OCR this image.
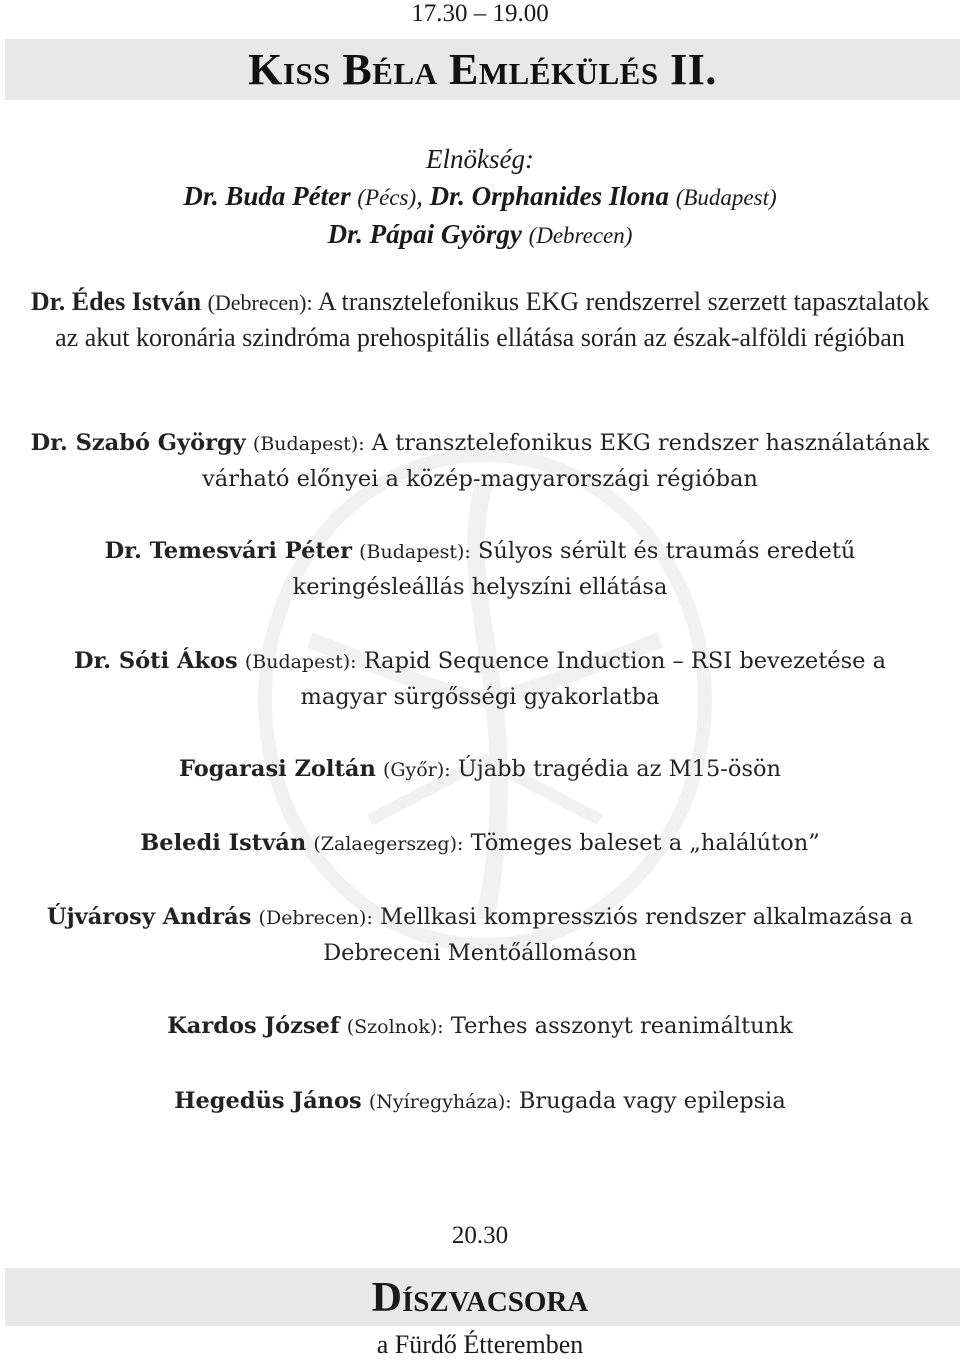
17.30 – 19.00
Kiss Béla Emlékülés II.
Elnökség:
Dr. Buda Péter (Pécs), Dr. Orphanides Ilona (Budapest)
Dr. Pápai György (Debrecen)
Dr. Édes István (Debrecen): A transztelefonikus EKG rendszerrel szerzett tapasztalatok az akut koronária szindróma prehospitális ellátása során az észak-alföldi régióban
Dr. Szabó György (Budapest): A transztelefonikus EKG rendszer használatának várható előnyei a közép-magyarországi régióban
Dr. Temesvári Péter (Budapest): Súlyos sérült és traumás eredetű keringésleállás helyszíni ellátása
Dr. Sóti Ákos (Budapest): Rapid Sequence Induction – RSI bevezetése a magyar sürgősségi gyakorlatba
Fogarasi Zoltán (Győr): Újabb tragédia az M15-ösön
Beledi István (Zalaegerszeg): Tömeges baleset a „halálúton”
Újvárosy András (Debrecen): Mellkasi kompressziós rendszer alkalmazása a Debreceni Mentőállomáson
Kardos József (Szolnok): Terhes asszonyt reanimáltunk
Hegedüs János (Nyíregyháza): Brugada vagy epilepsia
20.30
Díszvacsora
a Fürdő Étteremben
